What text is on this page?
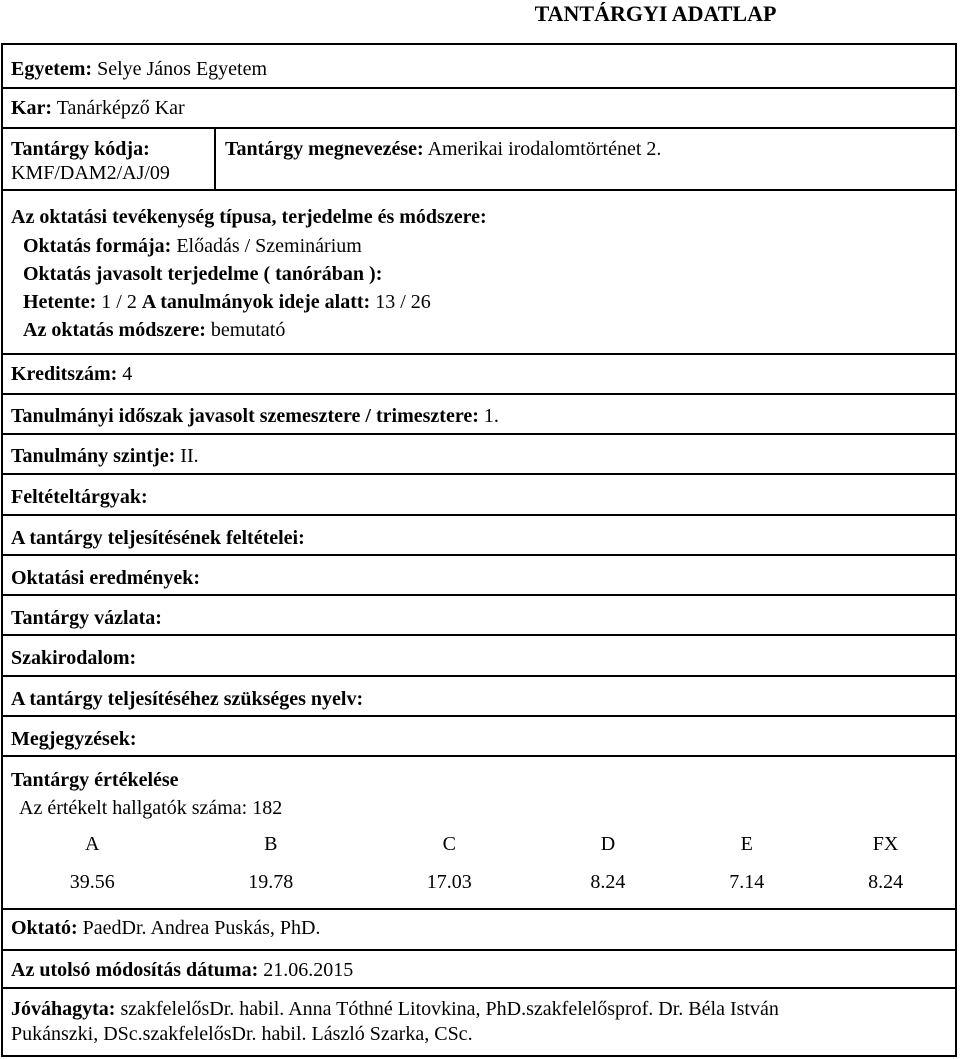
TANTÁRGYI ADATLAP
Egyetem: Selye János Egyetem
Kar: Tanárképző Kar
Tantárgy kódja:
KMF/DAM2/AJ/09
Tantárgy megnevezése: Amerikai irodalomtörténet 2.
Az oktatási tevékenység típusa, terjedelme és módszere:
Oktatás formája: Előadás / Szeminárium
Oktatás javasolt terjedelme ( tanórában ):
Hetente: 1 / 2 A tanulmányok ideje alatt: 13 / 26
Az oktatás módszere: bemutató
Kreditszám: 4
Tanulmányi időszak javasolt szemesztere / trimesztere: 1.
Tanulmány szintje: II.
Feltételtárgyak:
A tantárgy teljesítésének feltételei:
Oktatási eredmények:
Tantárgy vázlata:
Szakirodalom:
A tantárgy teljesítéséhez szükséges nyelv:
Megjegyzések:
Tantárgy értékelése
Az értékelt hallgatók száma: 182
A	B	C	D	E	FX
39.56	19.78	17.03	8.24	7.14	8.24
Oktató: PaedDr. Andrea Puskás, PhD.
Az utolsó módosítás dátuma: 21.06.2015
Jóváhagyta: szakfelelősDr. habil. Anna Tóthné Litovkina, PhD.szakfelelősprof. Dr. Béla István
Pukánszki, DSc.szakfelelősDr. habil. László Szarka, CSc.
